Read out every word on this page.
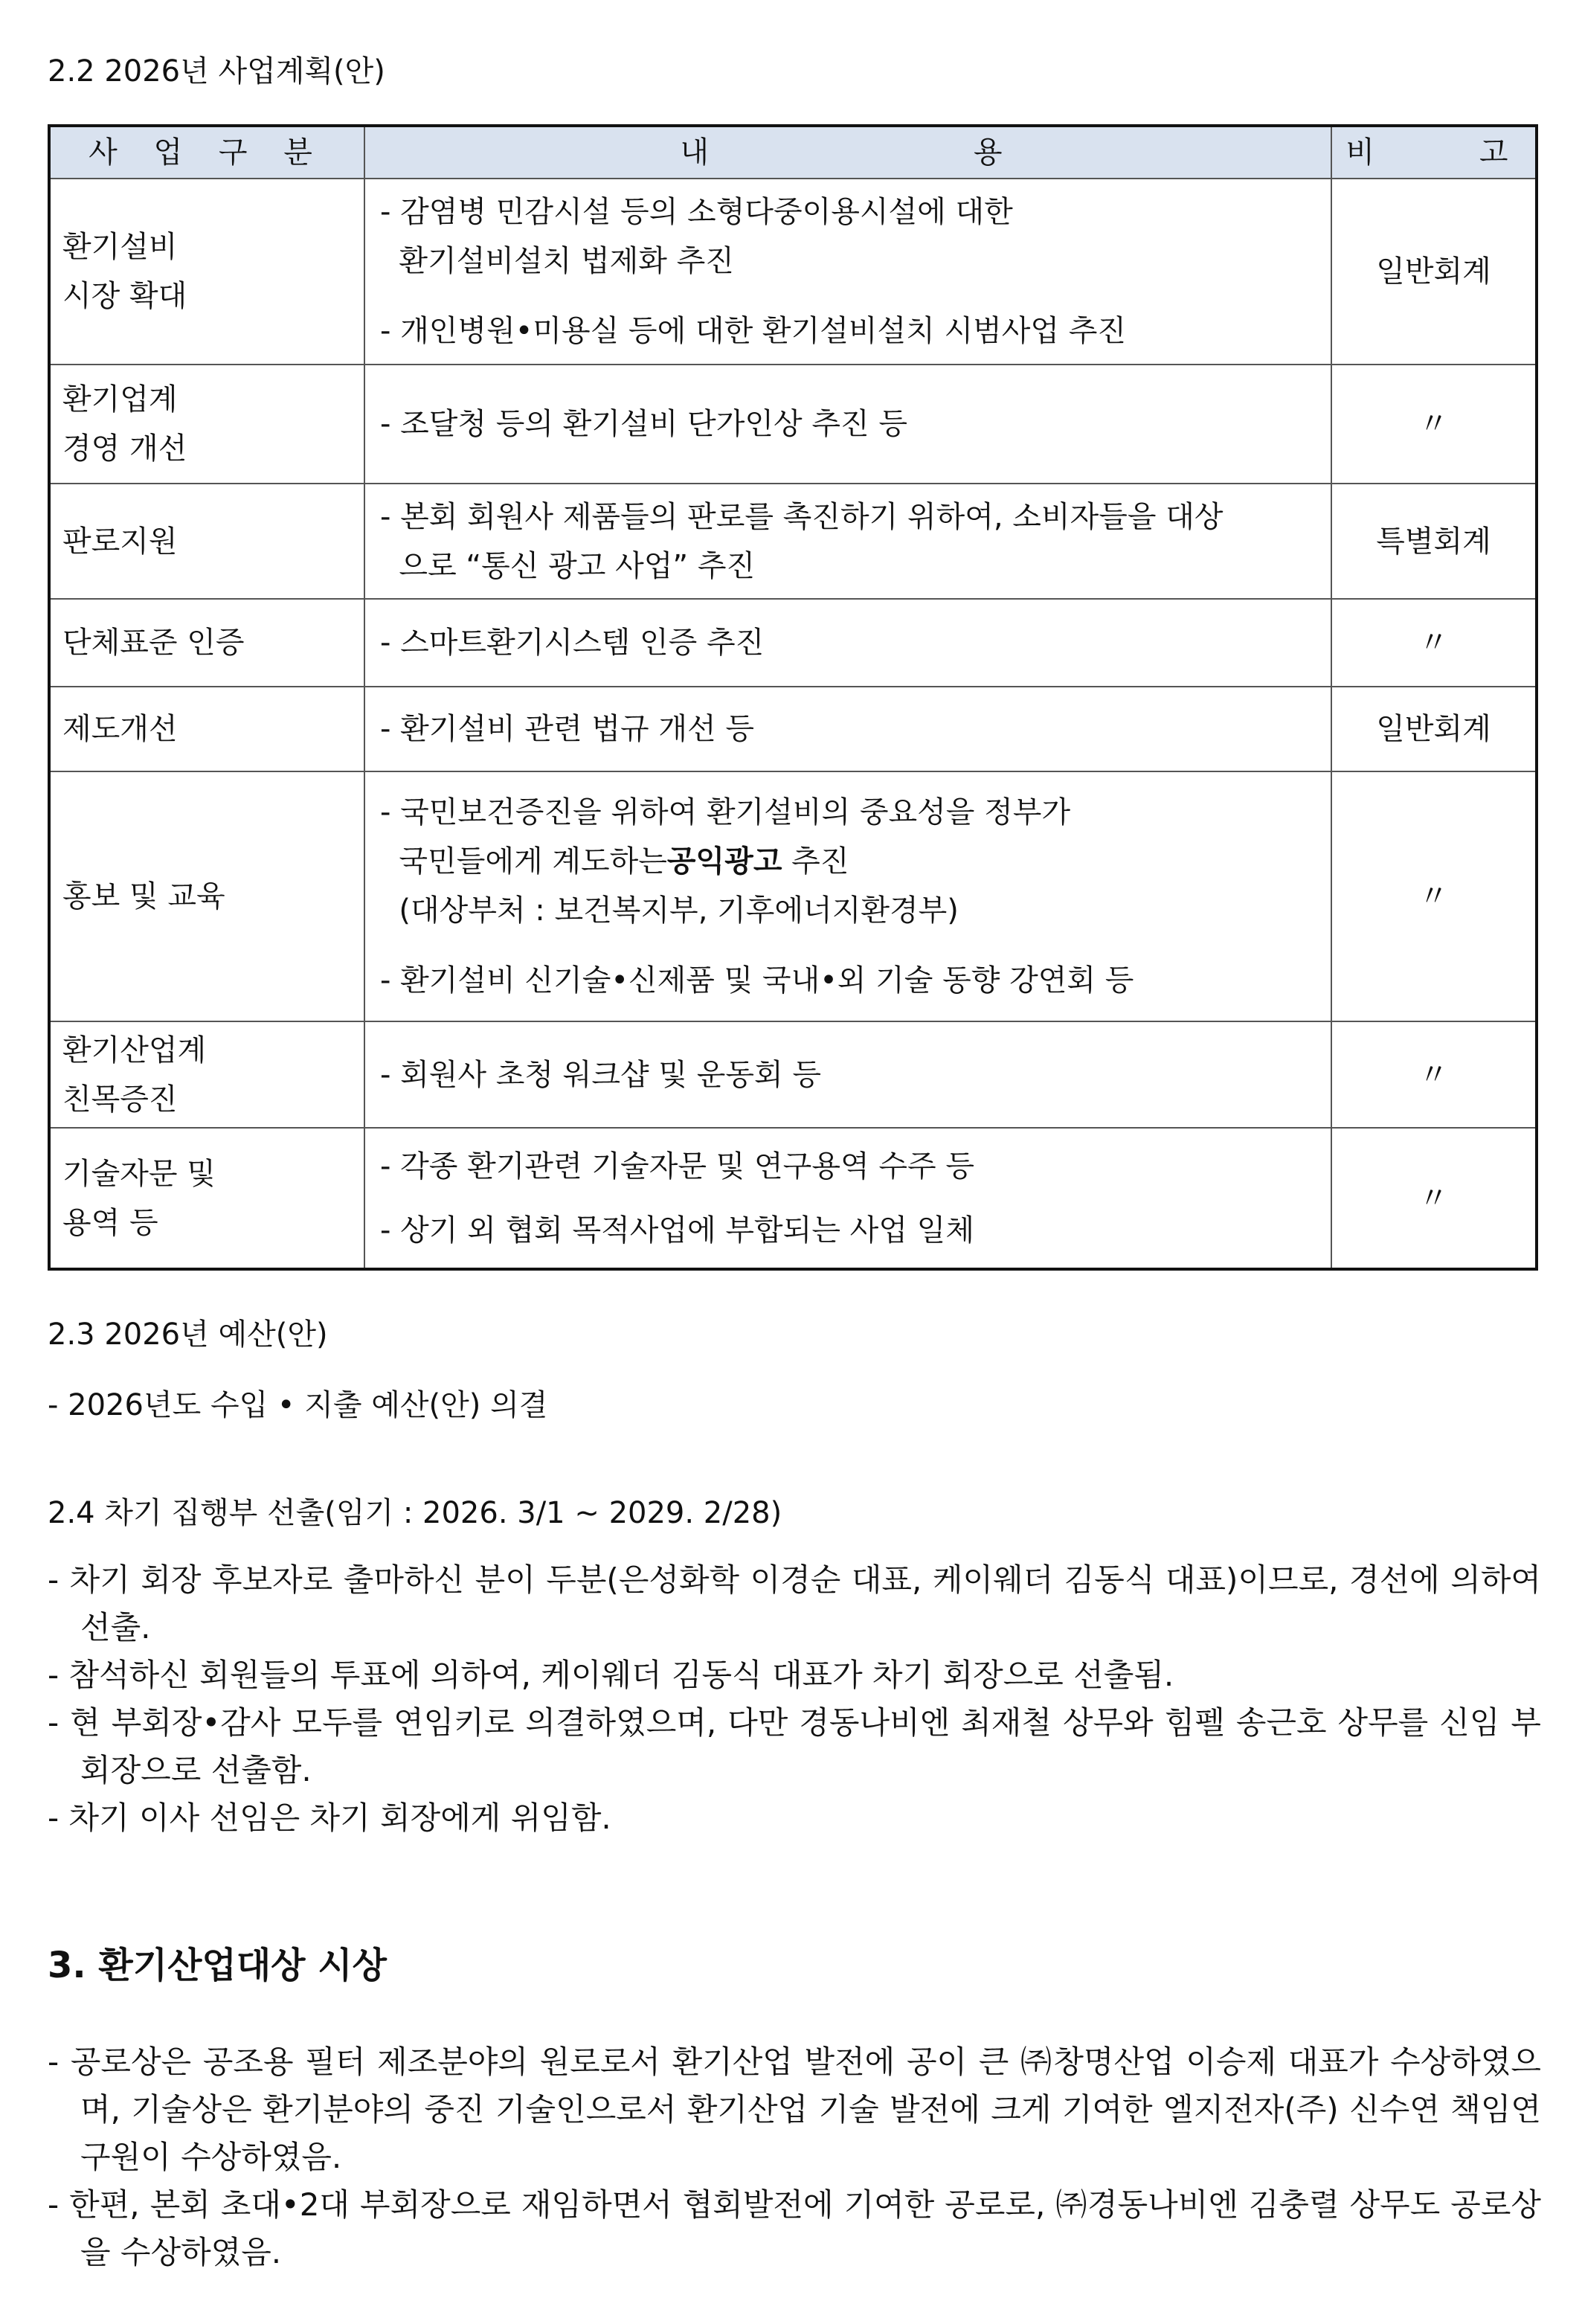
2.2 2026년 사업계획(안)
사 업 구 분	내           용	비    고

환기설비
시장 확대	- 감염병 민감시설 등의 소형다중이용시설에 대한
환기설비설치 법제화 추진
- 개인병원•미용실 등에 대한 환기설비설치 시범사업 추진	일반회계

환기업계
경영 개선	- 조달청 등의 환기설비 단가인상 추진 등	〃
판로지원	- 본회 회원사 제품들의 판로를 촉진하기 위하여, 소비자들을 대상
으로 “통신 광고 사업” 추진	특별회계
단체표준 인증	- 스마트환기시스템 인증 추진	〃
제도개선	- 환기설비 관련 법규 개선 등	일반회계
홍보 및 교육	- 국민보건증진을 위하여 환기설비의 중요성을 정부가
국민들에게 계도하는공익광고 추진
(대상부처 : 보건복지부, 기후에너지환경부)
- 환기설비 신기술•신제품 및 국내•외 기술 동향 강연회 등	〃

환기산업계
친목증진	- 회원사 초청 워크샵 및 운동회 등	〃

기술자문 및
용역 등	- 각종 환기관련 기술자문 및 연구용역 수주 등
- 상기 외 협회 목적사업에 부합되는 사업 일체	〃
2.3 2026년 예산(안)
- 2026년도 수입 • 지출 예산(안) 의결
2.4 차기 집행부 선출(임기 : 2026. 3/1 ~ 2029. 2/28)
- 차기 회장 후보자로 출마하신 분이 두분(은성화학 이경순 대표, 케이웨더 김동식 대표)이므로, 경선에 의하여 선출.
- 참석하신 회원들의 투표에 의하여, 케이웨더 김동식 대표가 차기 회장으로 선출됨.
- 현 부회장•감사 모두를 연임키로 의결하였으며, 다만 경동나비엔 최재철 상무와 힘펠 송근호 상무를 신임 부회장으로 선출함.
- 차기 이사 선임은 차기 회장에게 위임함.
3. 환기산업대상 시상
- 공로상은 공조용 필터 제조분야의 원로로서 환기산업 발전에 공이 큰 ㈜창명산업 이승제 대표가 수상하였으며, 기술상은 환기분야의 중진 기술인으로서 환기산업 기술 발전에 크게 기여한 엘지전자(주) 신수연 책임연구원이 수상하였음.
- 한편, 본회 초대•2대 부회장으로 재임하면서 협회발전에 기여한 공로로, ㈜경동나비엔 김충렬 상무도 공로상을 수상하였음.
